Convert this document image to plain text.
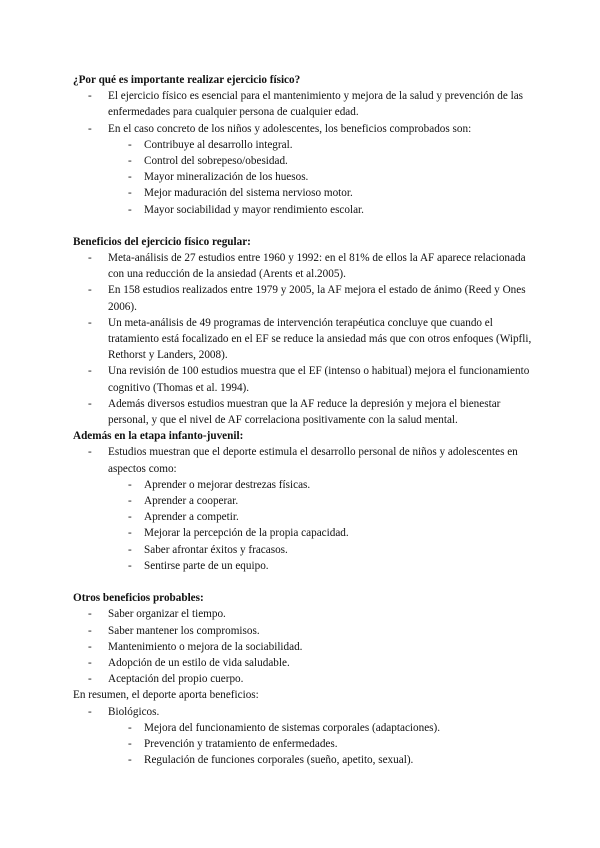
¿Por qué es importante realizar ejercicio físico?

- El ejercicio físico es esencial para el mantenimiento y mejora de la salud y prevención de las enfermedades para cualquier persona de cualquier edad.
- En el caso concreto de los niños y adolescentes, los beneficios comprobados son:
- Contribuye al desarrollo integral.
- Control del sobrepeso/obesidad.
- Mayor mineralización de los huesos.
- Mejor maduración del sistema nervioso motor.
- Mayor sociabilidad y mayor rendimiento escolar.

Beneficios del ejercicio físico regular:

- Meta-análisis de 27 estudios entre 1960 y 1992: en el 81% de ellos la AF aparece relacionada con una reducción de la ansiedad (Arents et al.2005).
- En 158 estudios realizados entre 1979 y 2005, la AF mejora el estado de ánimo (Reed y Ones 2006).
- Un meta-análisis de 49 programas de intervención terapéutica concluye que cuando el tratamiento está focalizado en el EF se reduce la ansiedad más que con otros enfoques (Wipfli, Rethorst y Landers, 2008).
- Una revisión de 100 estudios muestra que el EF (intenso o habitual) mejora el funcionamiento cognitivo (Thomas et al. 1994).
- Además diversos estudios muestran que la AF reduce la depresión y mejora el bienestar personal, y que el nivel de AF correlaciona positivamente con la salud mental.

Además en la etapa infanto-juvenil:

- Estudios muestran que el deporte estimula el desarrollo personal de niños y adolescentes en aspectos como:
- Aprender o mejorar destrezas físicas.
- Aprender a cooperar.
- Aprender a competir.
- Mejorar la percepción de la propia capacidad.
- Saber afrontar éxitos y fracasos.
- Sentirse parte de un equipo.

Otros beneficios probables:

- Saber organizar el tiempo.
- Saber mantener los compromisos.
- Mantenimiento o mejora de la sociabilidad.
- Adopción de un estilo de vida saludable.
- Aceptación del propio cuerpo.

En resumen, el deporte aporta beneficios:

- Biológicos.
- Mejora del funcionamiento de sistemas corporales (adaptaciones).
- Prevención y tratamiento de enfermedades.
- Regulación de funciones corporales (sueño, apetito, sexual).
